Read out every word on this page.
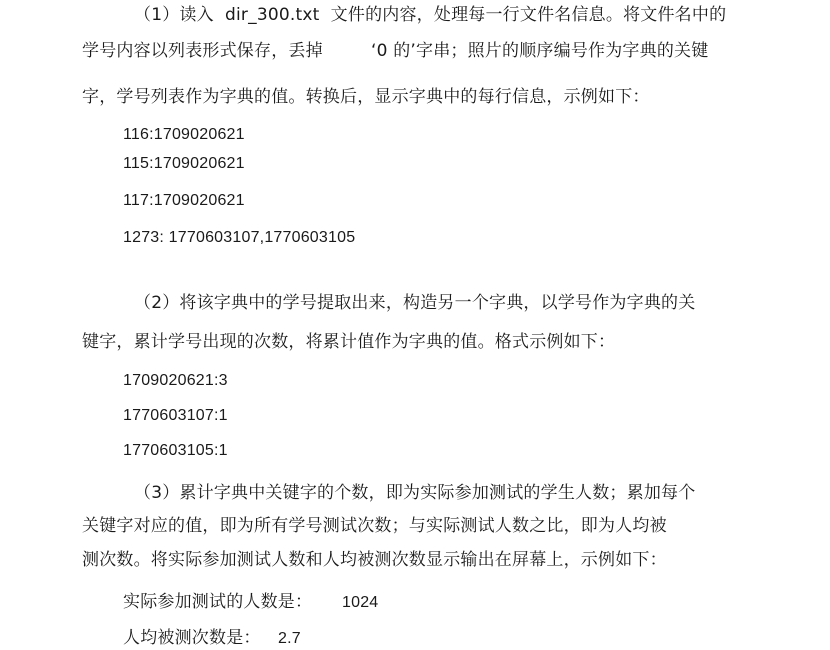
（1）读入  dir_300.txt  文件的内容，处理每一行文件名信息。将文件名中的
学号内容以列表形式保存，丢掉	‘0 的’字串；照片的顺序编号作为字典的关键
字，学号列表作为字典的值。转换后，显示字典中的每行信息，示例如下：
116:1709020621
115:1709020621
117:1709020621
1273: 1770603107,1770603105
（2）将该字典中的学号提取出来，构造另一个字典，以学号作为字典的关
键字，累计学号出现的次数，将累计值作为字典的值。格式示例如下：
1709020621:3
1770603107:1
1770603105:1
（3）累计字典中关键字的个数，即为实际参加测试的学生人数；累加每个
关键字对应的值，即为所有学号测试次数；与实际测试人数之比，即为人均被
测次数。将实际参加测试人数和人均被测次数显示输出在屏幕上，示例如下：
实际参加测试的人数是： 1024
人均被测次数是： 2.7
